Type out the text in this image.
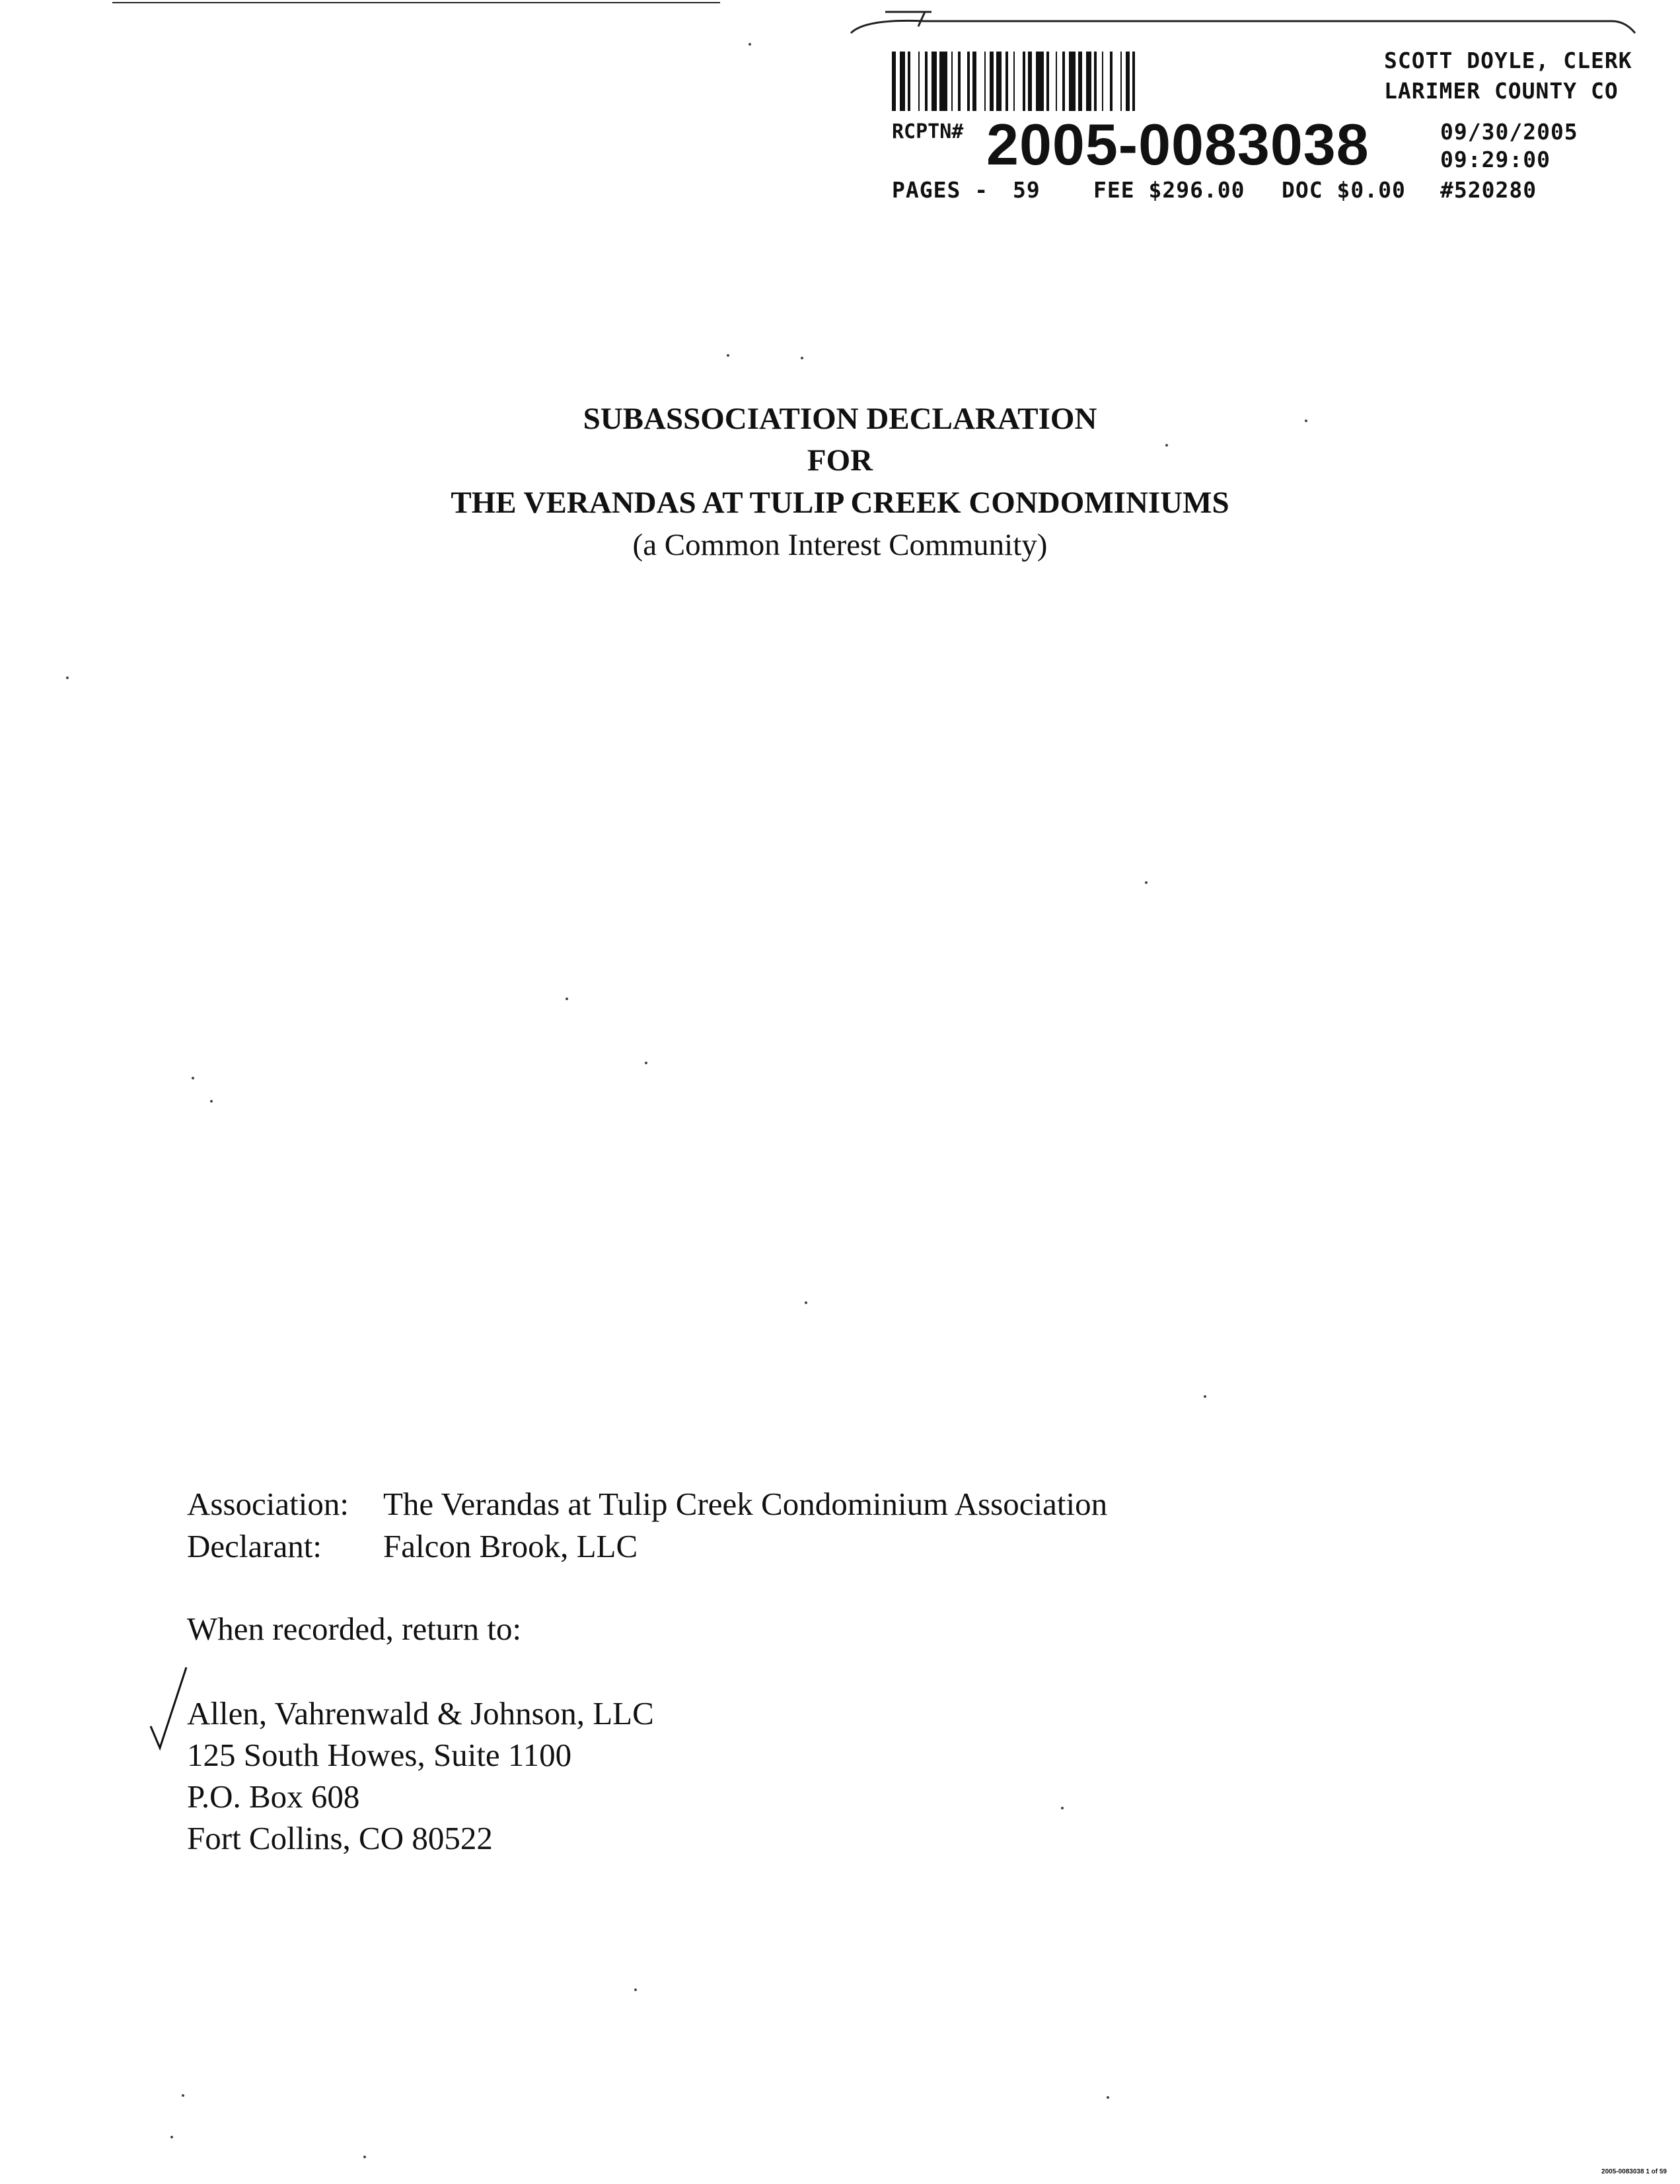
SCOTT DOYLE, CLERK
LARIMER COUNTY CO
RCPTN# 2005-0083038	09/30/2005
09:29:00
PAGES - 59 FEE $296.00 DOC $0.00 #520280
SUBASSOCIATION DECLARATION
FOR
THE VERANDAS AT TULIP CREEK CONDOMINIUMS
(a Common Interest Community)
Association: The Verandas at Tulip Creek Condominium Association
Declarant: Falcon Brook, LLC
When recorded, return to:
Allen, Vahrenwald & Johnson, LLC
125 South Howes, Suite 1100
P.O. Box 608
Fort Collins, CO 80522
2005-0083038 1 of 59
